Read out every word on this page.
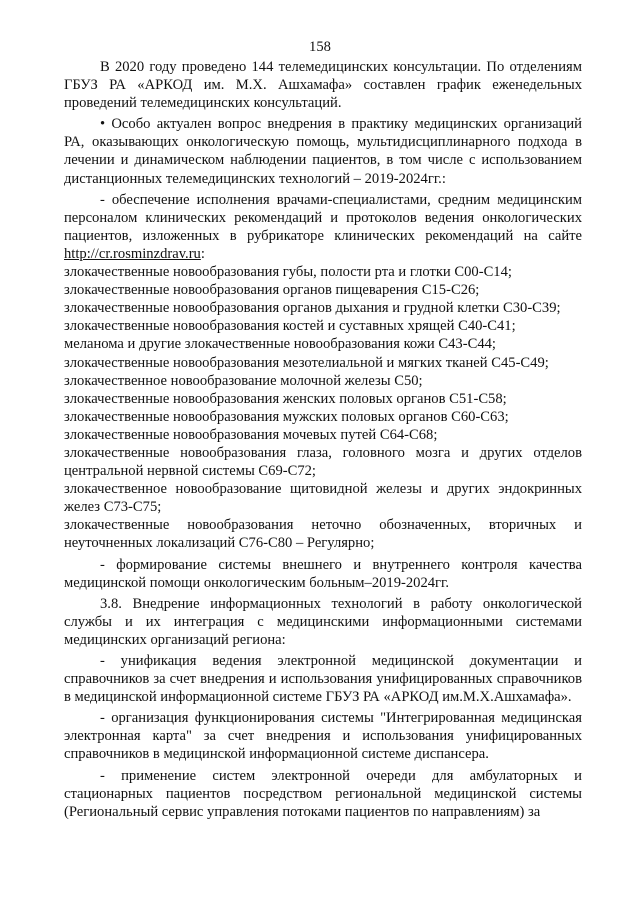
158

В 2020 году проведено 144 телемедицинских консультации. По отделениям ГБУЗ РА «АРКОД им. М.Х. Ашхамафа» составлен график еженедельных проведений телемедицинских консультаций.

• Особо актуален вопрос внедрения в практику медицинских организаций РА, оказывающих онкологическую помощь, мультидисциплинарного подхода в лечении и динамическом наблюдении пациентов, в том числе с использованием дистанционных телемедицинских технологий – 2019-2024гг.:

- обеспечение исполнения врачами-специалистами, средним медицинским персоналом клинических рекомендаций и протоколов ведения онкологических пациентов, изложенных в рубрикаторе клинических рекомендаций на сайте http://cr.rosminzdrav.ru:

злокачественные новообразования губы, полости рта и глотки С00-С14;

злокачественные новообразования органов пищеварения С15-С26;

злокачественные новообразования органов дыхания и грудной клетки С30-С39;

злокачественные новообразования костей и суставных хрящей С40-С41;

меланома и другие злокачественные новообразования кожи С43-С44;

злокачественные новообразования мезотелиальной и мягких тканей С45-С49;

злокачественное новообразование молочной железы С50;

злокачественные новообразования женских половых органов С51-С58;

злокачественные новообразования мужских половых органов С60-С63;

злокачественные новообразования мочевых путей С64-С68;

злокачественные новообразования глаза, головного мозга и других отделов центральной нервной системы С69-С72;

злокачественное новообразование щитовидной железы и других эндокринных желез С73-С75;

злокачественные новообразования неточно обозначенных, вторичных и неуточненных локализаций С76-С80 – Регулярно;

- формирование системы внешнего и внутреннего контроля качества медицинской помощи онкологическим больным–2019-2024гг.

3.8. Внедрение информационных технологий в работу онкологической службы и их интеграция с медицинскими информационными системами медицинских организаций региона:

- унификация ведения электронной медицинской документации и справочников за счет внедрения и использования унифицированных справочников в медицинской информационной системе ГБУЗ РА «АРКОД им.М.Х.Ашхамафа».

- организация функционирования системы "Интегрированная медицинская электронная карта" за счет внедрения и использования унифицированных справочников в медицинской информационной системе диспансера.

- применение систем электронной очереди для амбулаторных и стационарных пациентов посредством региональной медицинской системы (Региональный сервис управления потоками пациентов по направлениям) за
